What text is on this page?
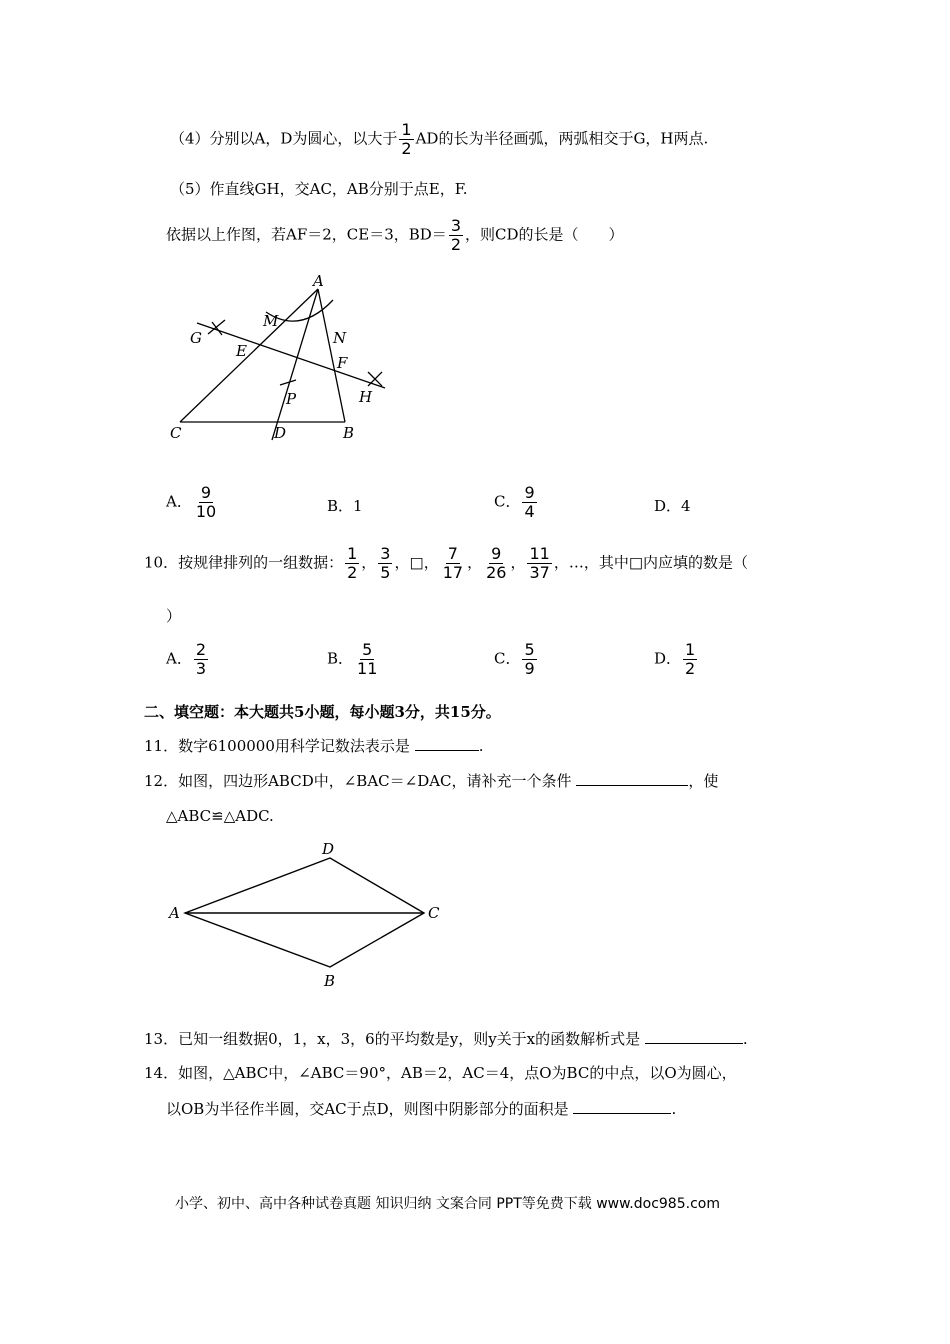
（4）分别以A，D为圆心，以大于 $\frac{1}{2}$ AD的长为半径画弧，两弧相交于G，H两点.
（5）作直线GH，交AC，AB分别于点E，F.
依据以上作图，若AF＝2，CE＝3，$BD= \frac{3}{2}$ ，则CD的长是（　　）
A
M
N
G
E
F
H
P
C	D	B
A． $\frac{9}{10}$	B．1	C． $\frac{9}{4}$	D．4
10．按规律排列的一组数据： $\frac{1}{2}$ ， $\frac{3}{5}$ ，□， $\frac{7}{17}$ ， $\frac{9}{26}$ ， $\frac{11}{37}$ ，…，其中□内应填的数是（
）
A． $\frac{2}{3}$	B． $\frac{5}{11}$	C． $\frac{5}{9}$	D． $\frac{1}{2}$
二、填空题：本大题共5小题，每小题3分，共15分。
11．数字6100000用科学记数法表示是	.
12．如图，四边形ABCD中，∠BAC＝∠DAC，请补充一个条件	，使
△ABC≌△ADC.
A
D
C
B
13．已知一组数据0，1，x，3，6的平均数是y，则y关于x的函数解析式是	.
14．如图，△ABC中，∠ABC＝90°，AB＝2，AC＝4，点O为BC的中点，以O为圆心，
以OB为半径作半圆，交AC于点D，则图中阴影部分的面积是	.
小学、初中、高中各种试卷真题 知识归纳 文案合同 PPT等免费下载 www.doc985.com
